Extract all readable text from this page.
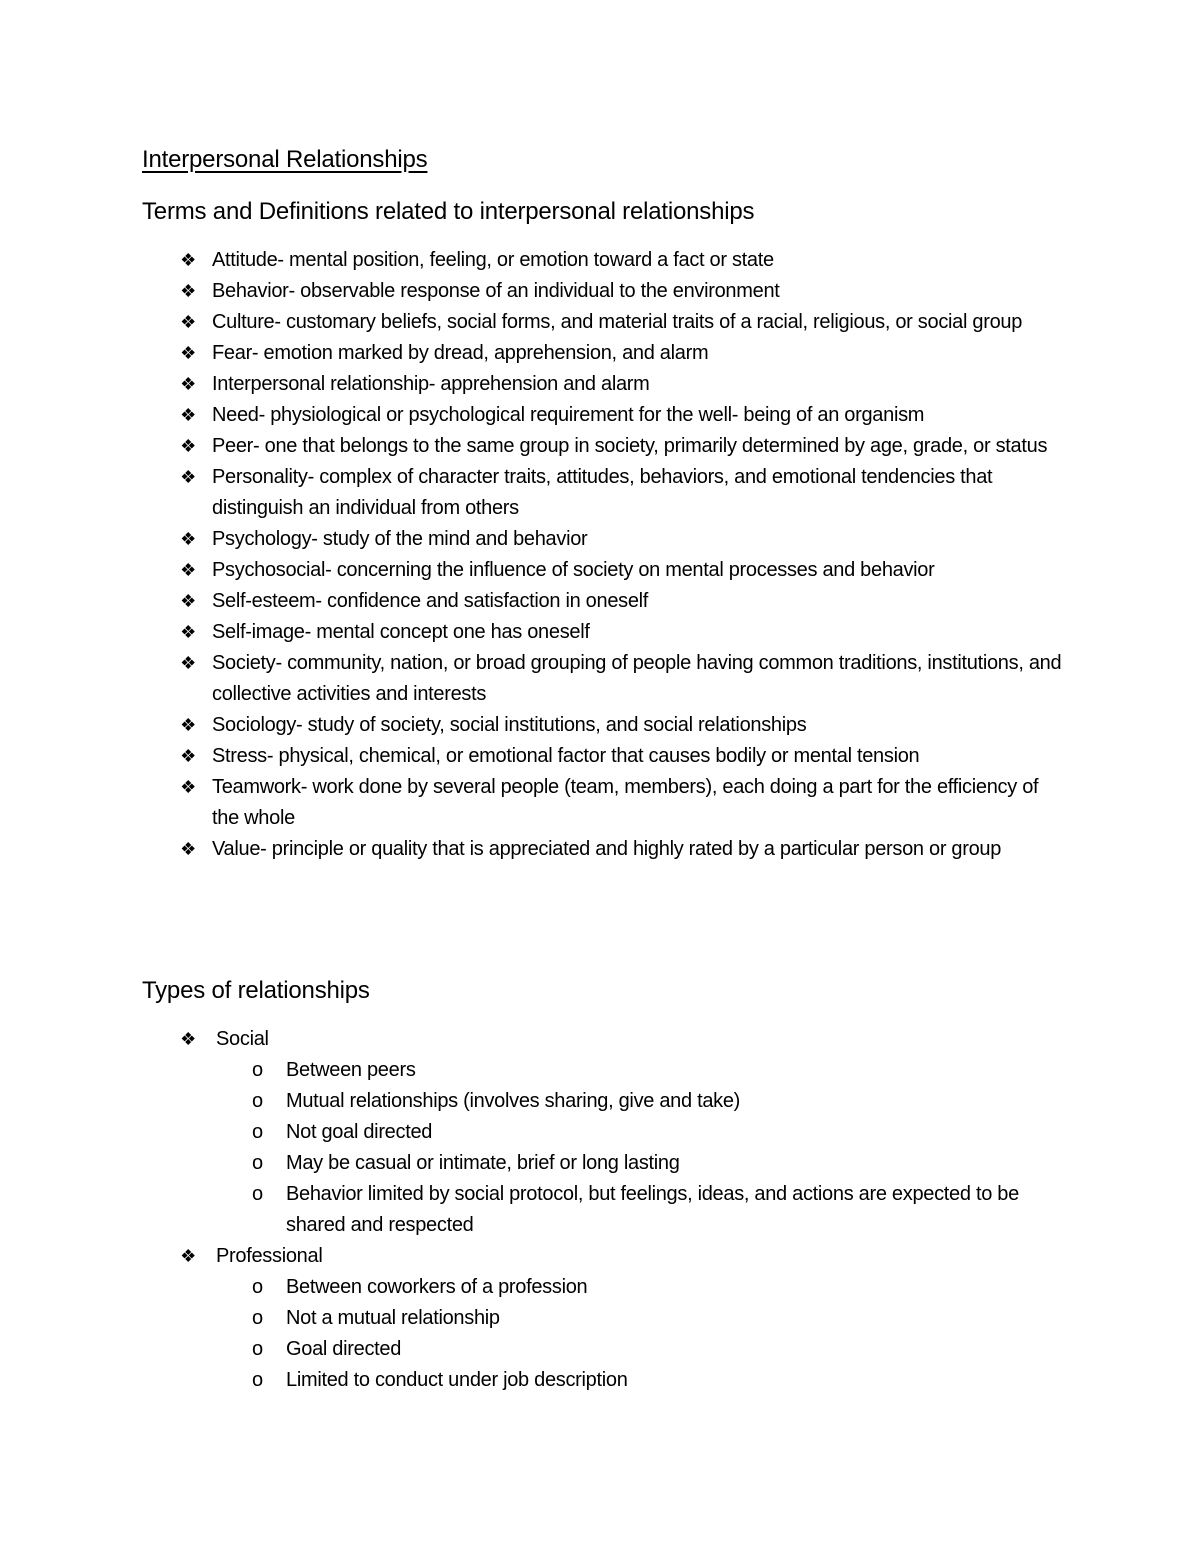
Interpersonal Relationships
Terms and Definitions related to interpersonal relationships
❖ Attitude- mental position, feeling, or emotion toward a fact or state
❖ Behavior- observable response of an individual to the environment
❖ Culture- customary beliefs, social forms, and material traits of a racial, religious, or social group
❖ Fear- emotion marked by dread, apprehension, and alarm
❖ Interpersonal relationship- apprehension and alarm
❖ Need- physiological or psychological requirement for the well- being of an organism
❖ Peer- one that belongs to the same group in society, primarily determined by age, grade, or status
❖ Personality- complex of character traits, attitudes, behaviors, and emotional tendencies that distinguish an individual from others
❖ Psychology- study of the mind and behavior
❖ Psychosocial- concerning the influence of society on mental processes and behavior
❖ Self-esteem- confidence and satisfaction in oneself
❖ Self-image- mental concept one has oneself
❖ Society- community, nation, or broad grouping of people having common traditions, institutions, and collective activities and interests
❖ Sociology- study of society, social institutions, and social relationships
❖ Stress- physical, chemical, or emotional factor that causes bodily or mental tension
❖ Teamwork- work done by several people (team, members), each doing a part for the efficiency of the whole
❖ Value- principle or quality that is appreciated and highly rated by a particular person or group
Types of relationships
❖ Social
o Between peers
o Mutual relationships (involves sharing, give and take)
o Not goal directed
o May be casual or intimate, brief or long lasting
o Behavior limited by social protocol, but feelings, ideas, and actions are expected to be shared and respected
❖ Professional
o Between coworkers of a profession
o Not a mutual relationship
o Goal directed
o Limited to conduct under job description
